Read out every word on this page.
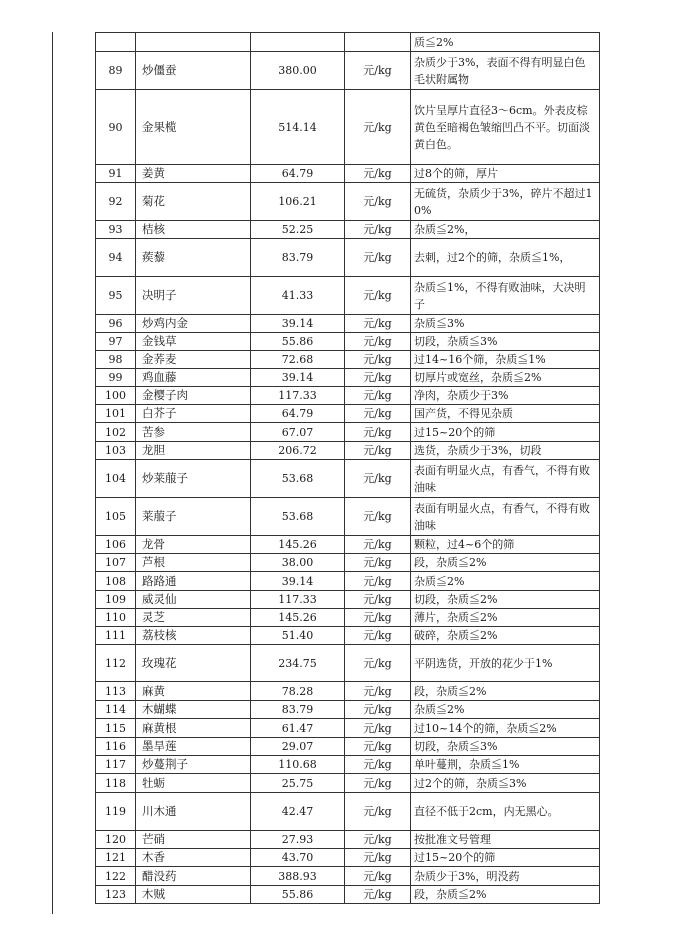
				质≦2%
89	炒僵蚕	380.00	元/kg	杂质少于3%，表面不得有明显白色毛状附属物
90	金果榄	514.14	元/kg	饮片呈厚片直径3～6cm。外表皮棕黄色至暗褐色皱缩凹凸不平。切面淡黄白色。
91	姜黄	64.79	元/kg	过8个的筛，厚片
92	菊花	106.21	元/kg	无硫货，杂质少于3%，碎片不超过10%
93	桔核	52.25	元/kg	杂质≦2%，
94	蒺藜	83.79	元/kg	去刺，过2个的筛，杂质≦1%，
95	决明子	41.33	元/kg	杂质≦1%，不得有败油味，大决明子
96	炒鸡内金	39.14	元/kg	杂质≦3%
97	金钱草	55.86	元/kg	切段，杂质≦3%
98	金荞麦	72.68	元/kg	过14~16个筛，杂质≦1%
99	鸡血藤	39.14	元/kg	切厚片或宽丝，杂质≦2%
100	金樱子肉	117.33	元/kg	净肉，杂质少于3%
101	白芥子	64.79	元/kg	国产货，不得见杂质
102	苦参	67.07	元/kg	过15~20个的筛
103	龙胆	206.72	元/kg	选货，杂质少于3%，切段
104	炒莱菔子	53.68	元/kg	表面有明显火点，有香气，不得有败油味
105	莱菔子	53.68	元/kg	表面有明显火点，有香气，不得有败油味
106	龙骨	145.26	元/kg	颗粒，过4~6个的筛
107	芦根	38.00	元/kg	段，杂质≦2%
108	路路通	39.14	元/kg	杂质≦2%
109	威灵仙	117.33	元/kg	切段，杂质≦2%
110	灵芝	145.26	元/kg	薄片，杂质≦2%
111	荔枝核	51.40	元/kg	破碎，杂质≦2%
112	玫瑰花	234.75	元/kg	平阴选货，开放的花少于1%
113	麻黄	78.28	元/kg	段，杂质≦2%
114	木蝴蝶	83.79	元/kg	杂质≦2%
115	麻黄根	61.47	元/kg	过10~14个的筛，杂质≦2%
116	墨旱莲	29.07	元/kg	切段，杂质≦3%
117	炒蔓荆子	110.68	元/kg	单叶蔓荆，杂质≦1%
118	牡蛎	25.75	元/kg	过2个的筛，杂质≦3%
119	川木通	42.47	元/kg	直径不低于2cm，内无黑心。
120	芒硝	27.93	元/kg	按批准文号管理
121	木香	43.70	元/kg	过15~20个的筛
122	醋没药	388.93	元/kg	杂质少于3%，明没药
123	木贼	55.86	元/kg	段，杂质≦2%
